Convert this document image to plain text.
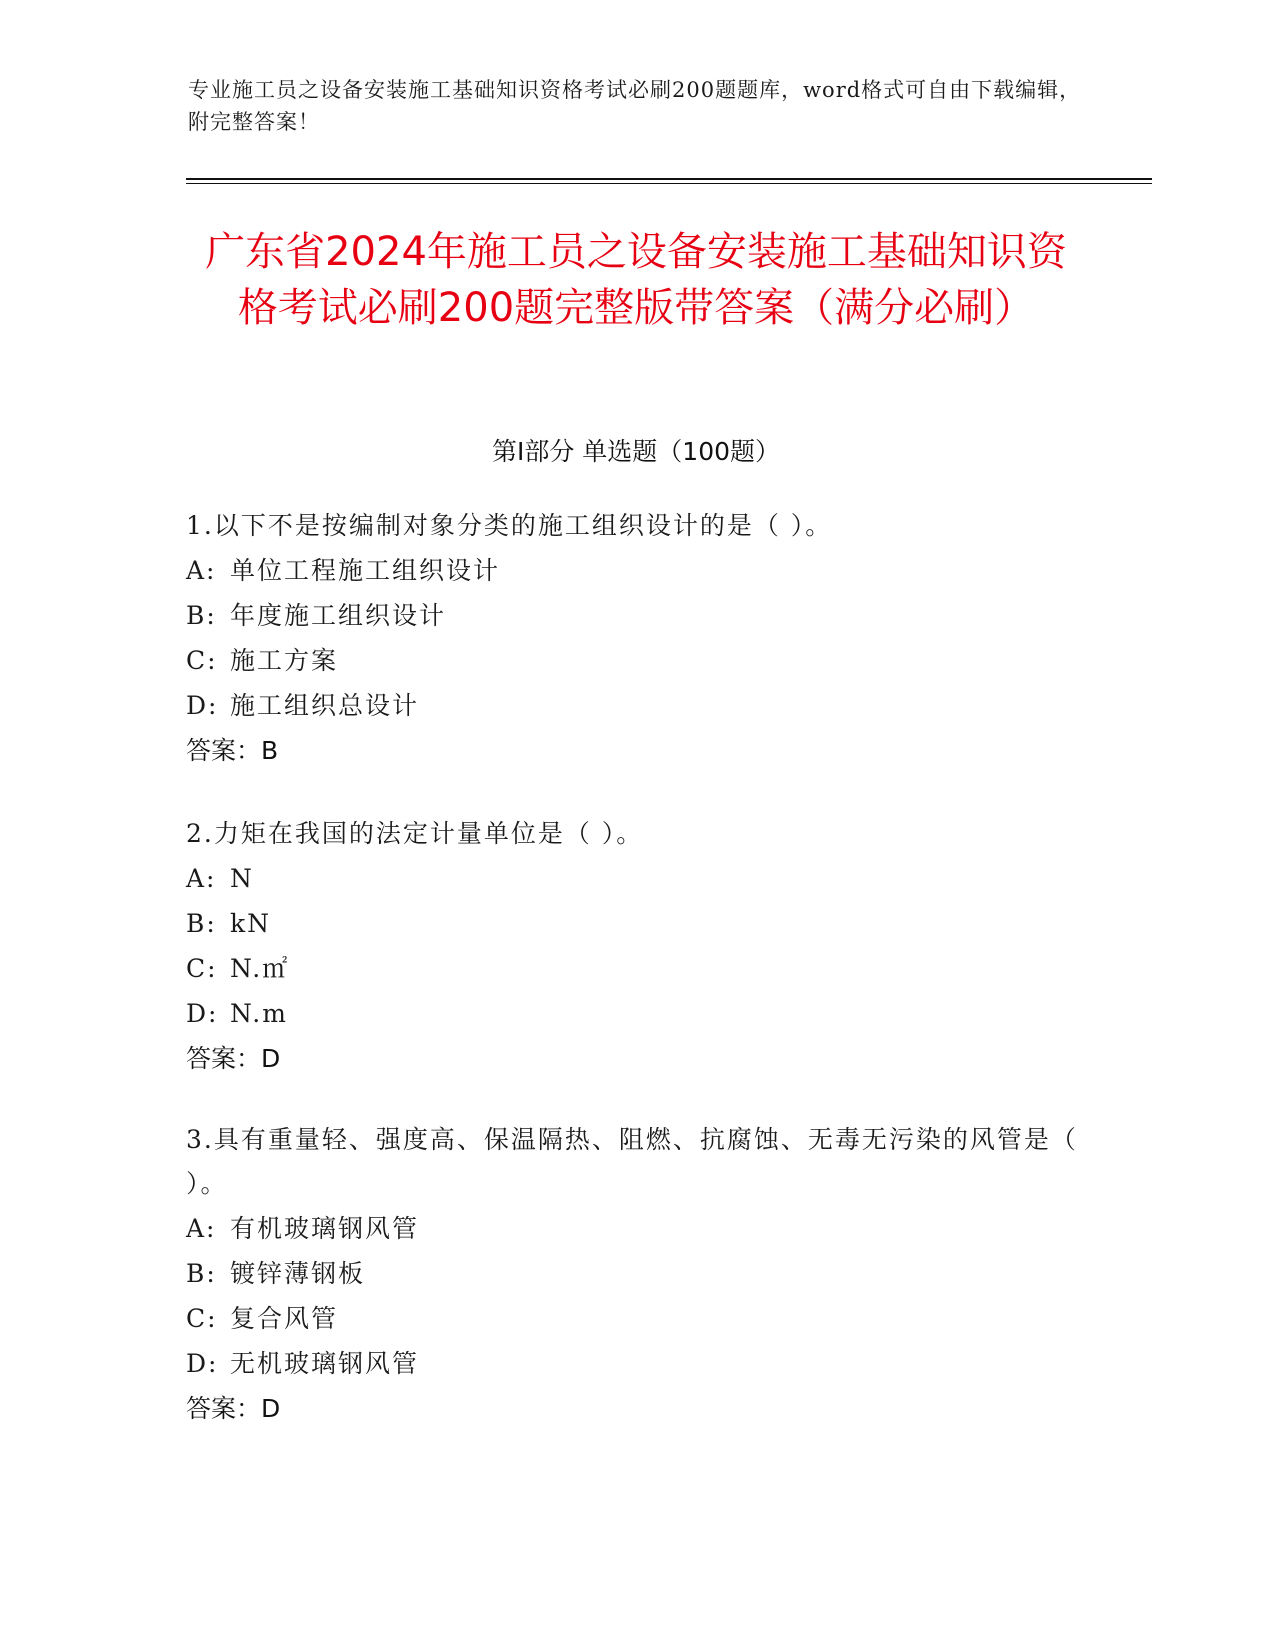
专业施工员之设备安装施工基础知识资格考试必刷200题题库，word格式可自由下载编辑，附完整答案！
广东省2024年施工员之设备安装施工基础知识资格考试必刷200题完整版带答案（满分必刷）
第Ⅰ部分 单选题（100题）
1.以下不是按编制对象分类的施工组织设计的是（ ）。
A: 单位工程施工组织设计
B: 年度施工组织设计
C: 施工方案
D: 施工组织总设计
答案：B
2.力矩在我国的法定计量单位是（ ）。
A: N
B: kN
C: N.㎡
D: N.m
答案：D
3.具有重量轻、强度高、保温隔热、阻燃、抗腐蚀、无毒无污染的风管是（ ）。
A: 有机玻璃钢风管
B: 镀锌薄钢板
C: 复合风管
D: 无机玻璃钢风管
答案：D
